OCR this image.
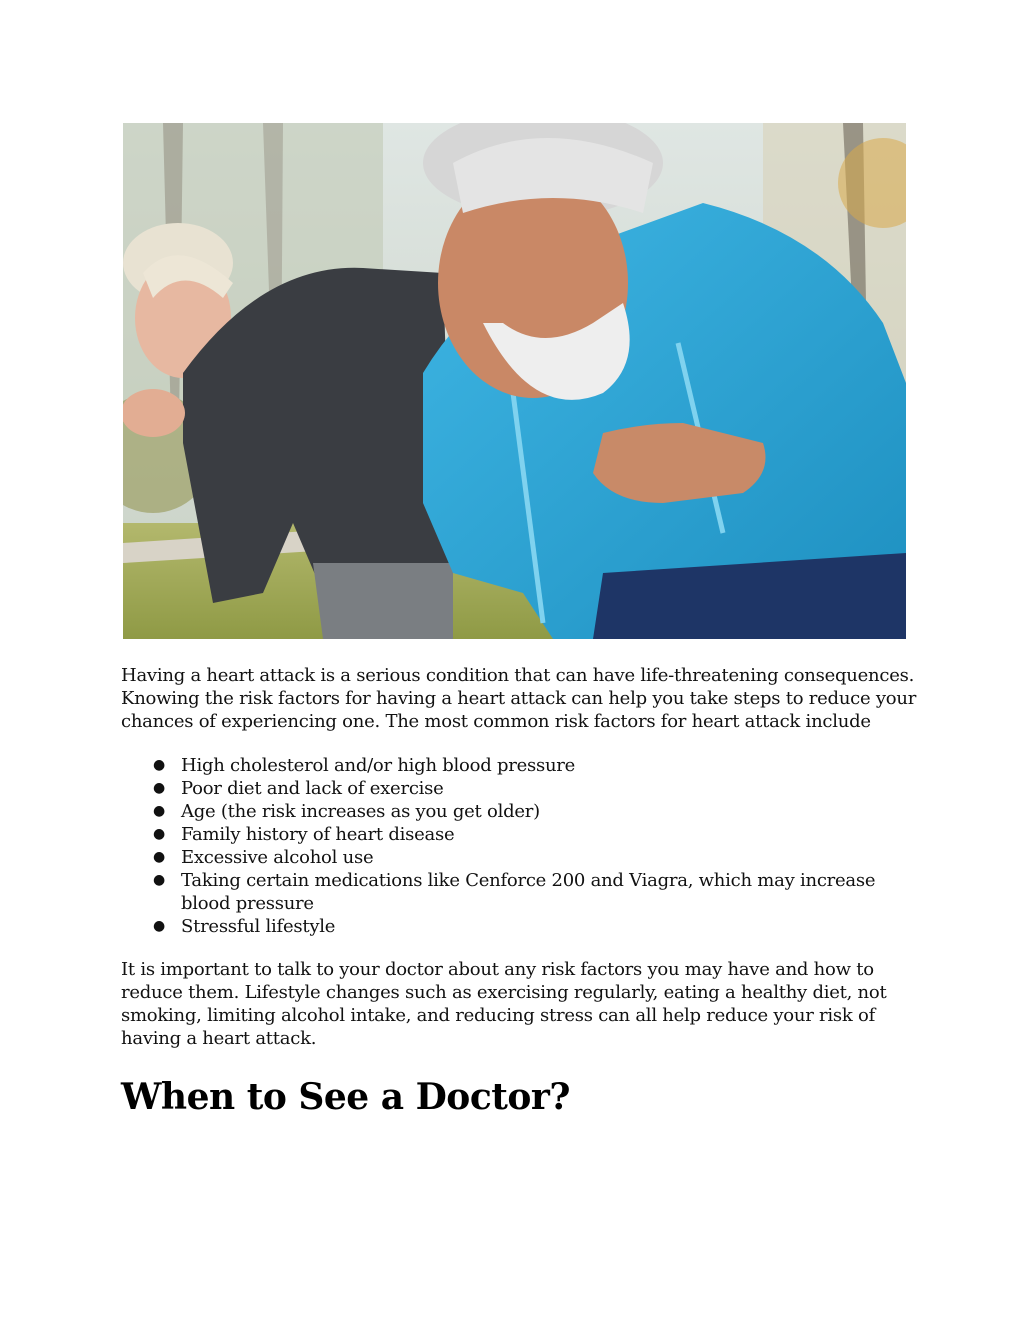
Having a heart attack is a serious condition that can have life-threatening consequences. Knowing the risk factors for having a heart attack can help you take steps to reduce your chances of experiencing one. The most common risk factors for heart attack include

● High cholesterol and/or high blood pressure
● Poor diet and lack of exercise
● Age (the risk increases as you get older)
● Family history of heart disease
● Excessive alcohol use
● Taking certain medications like Cenforce 200 and Viagra, which may increase blood pressure
● Stressful lifestyle

It is important to talk to your doctor about any risk factors you may have and how to reduce them. Lifestyle changes such as exercising regularly, eating a healthy diet, not smoking, limiting alcohol intake, and reducing stress can all help reduce your risk of having a heart attack.

When to See a Doctor?
